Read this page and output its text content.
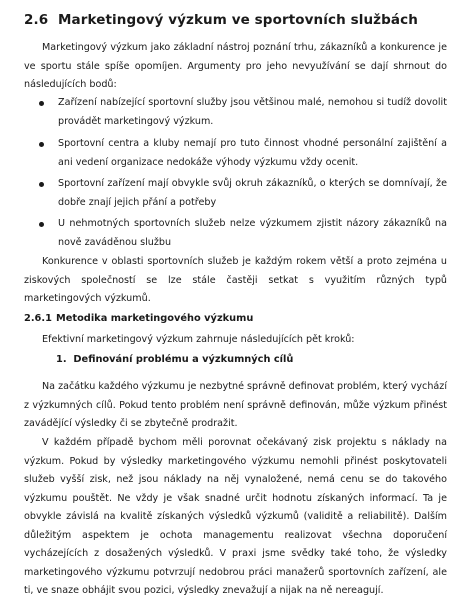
2.6 Marketingový výzkum ve sportovních službách

Marketingový výzkum jako základní nástroj poznání trhu, zákazníků a konkurence je ve sportu stále spíše opomíjen. Argumenty pro jeho nevyužívání se dají shrnout do následujících bodů:

Zařízení nabízející sportovní služby jsou většinou malé, nemohou si tudíž dovolit provádět marketingový výzkum.
Sportovní centra a kluby nemají pro tuto činnost vhodné personální zajištění a ani vedení organizace nedokáže výhody výzkumu vždy ocenit.
Sportovní zařízení mají obvykle svůj okruh zákazníků, o kterých se domnívají, že dobře znají jejich přání a potřeby
U nehmotných sportovních služeb nelze výzkumem zjistit názory zákazníků na nově zaváděnou službu

Konkurence v oblasti sportovních služeb je každým rokem větší a proto zejména u ziskových společností se lze stále častěji setkat s využitím různých typů marketingových výzkumů.

2.6.1 Metodika marketingového výzkumu

Efektivní marketingový výzkum zahrnuje následujících pět kroků:

1. Definování problému a výzkumných cílů

Na začátku každého výzkumu je nezbytné správně definovat problém, který vychází z výzkumných cílů. Pokud tento problém není správně definován, může výzkum přinést zavádějící výsledky či se zbytečně prodražit.

V každém případě bychom měli porovnat očekávaný zisk projektu s náklady na výzkum. Pokud by výsledky marketingového výzkumu nemohli přinést poskytovateli služeb vyšší zisk, než jsou náklady na něj vynaložené, nemá cenu se do takového výzkumu pouštět. Ne vždy je však snadné určit hodnotu získaných informací. Ta je obvykle závislá na kvalitě získaných výsledků výzkumů (validitě a reliabilitě). Dalším důležitým aspektem je ochota managementu realizovat všechna doporučení vycházejících z dosažených výsledků. V praxi jsme svědky také toho, že výsledky marketingového výzkumu potvrzují nedobrou práci manažerů sportovních zařízení, ale ti, ve snaze obhájit svou pozici, výsledky znevažují a nijak na ně nereagují.
